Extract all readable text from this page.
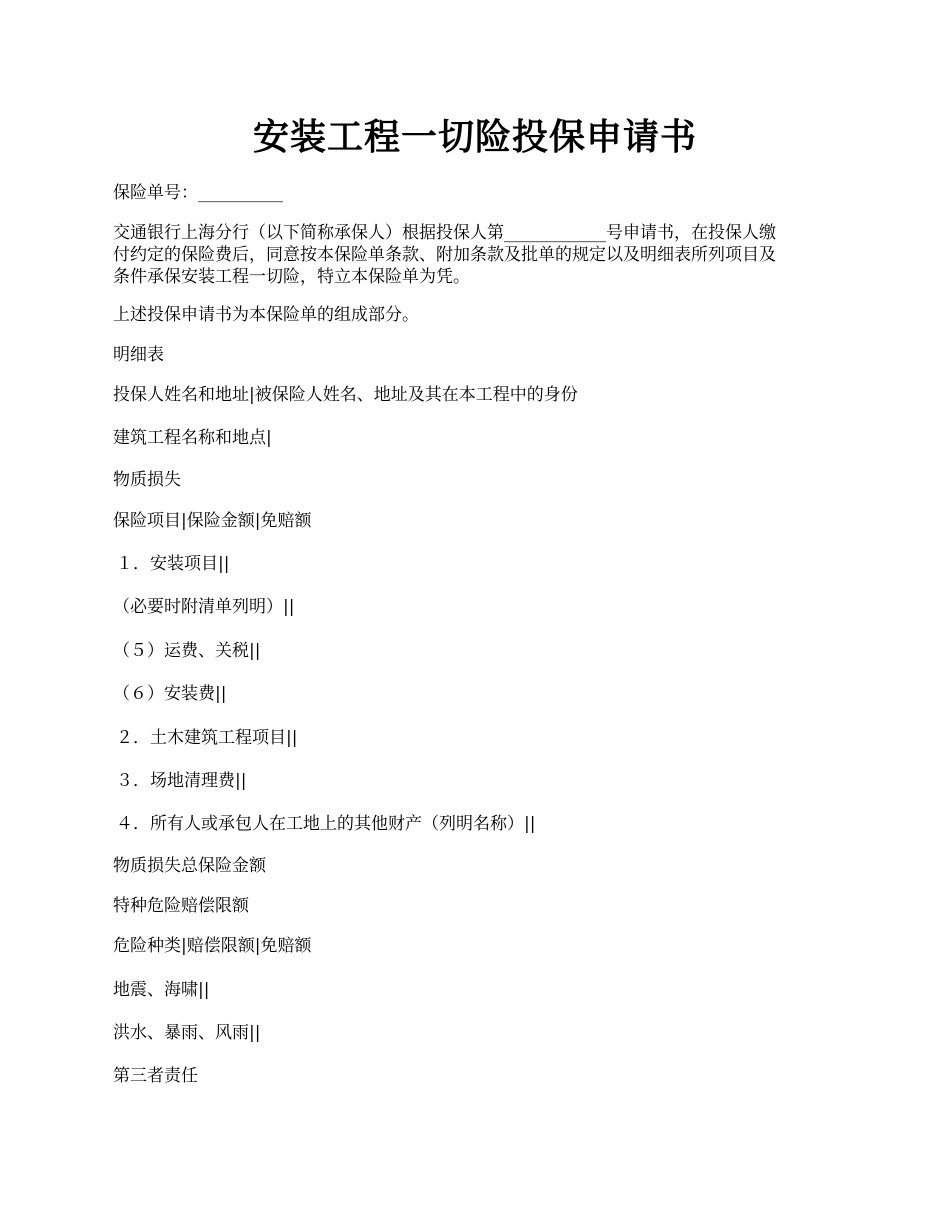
安装工程一切险投保申请书

保险单号：__________

交通银行上海分行（以下简称承保人）根据投保人第____________号申请书，在投保人缴
付约定的保险费后，同意按本保险单条款、附加条款及批单的规定以及明细表所列项目及
条件承保安装工程一切险，特立本保险单为凭。

上述投保申请书为本保险单的组成部分。

明细表

投保人姓名和地址|被保险人姓名、地址及其在本工程中的身份

建筑工程名称和地点|

物质损失

保险项目|保险金额|免赔额

１．安装项目||

（必要时附清单列明）||

（５）运费、关税||

（６）安装费||

２．土木建筑工程项目||

３．场地清理费||

４．所有人或承包人在工地上的其他财产（列明名称）||

物质损失总保险金额

特种危险赔偿限额

危险种类|赔偿限额|免赔额

地震、海啸||

洪水、暴雨、风雨||

第三者责任
